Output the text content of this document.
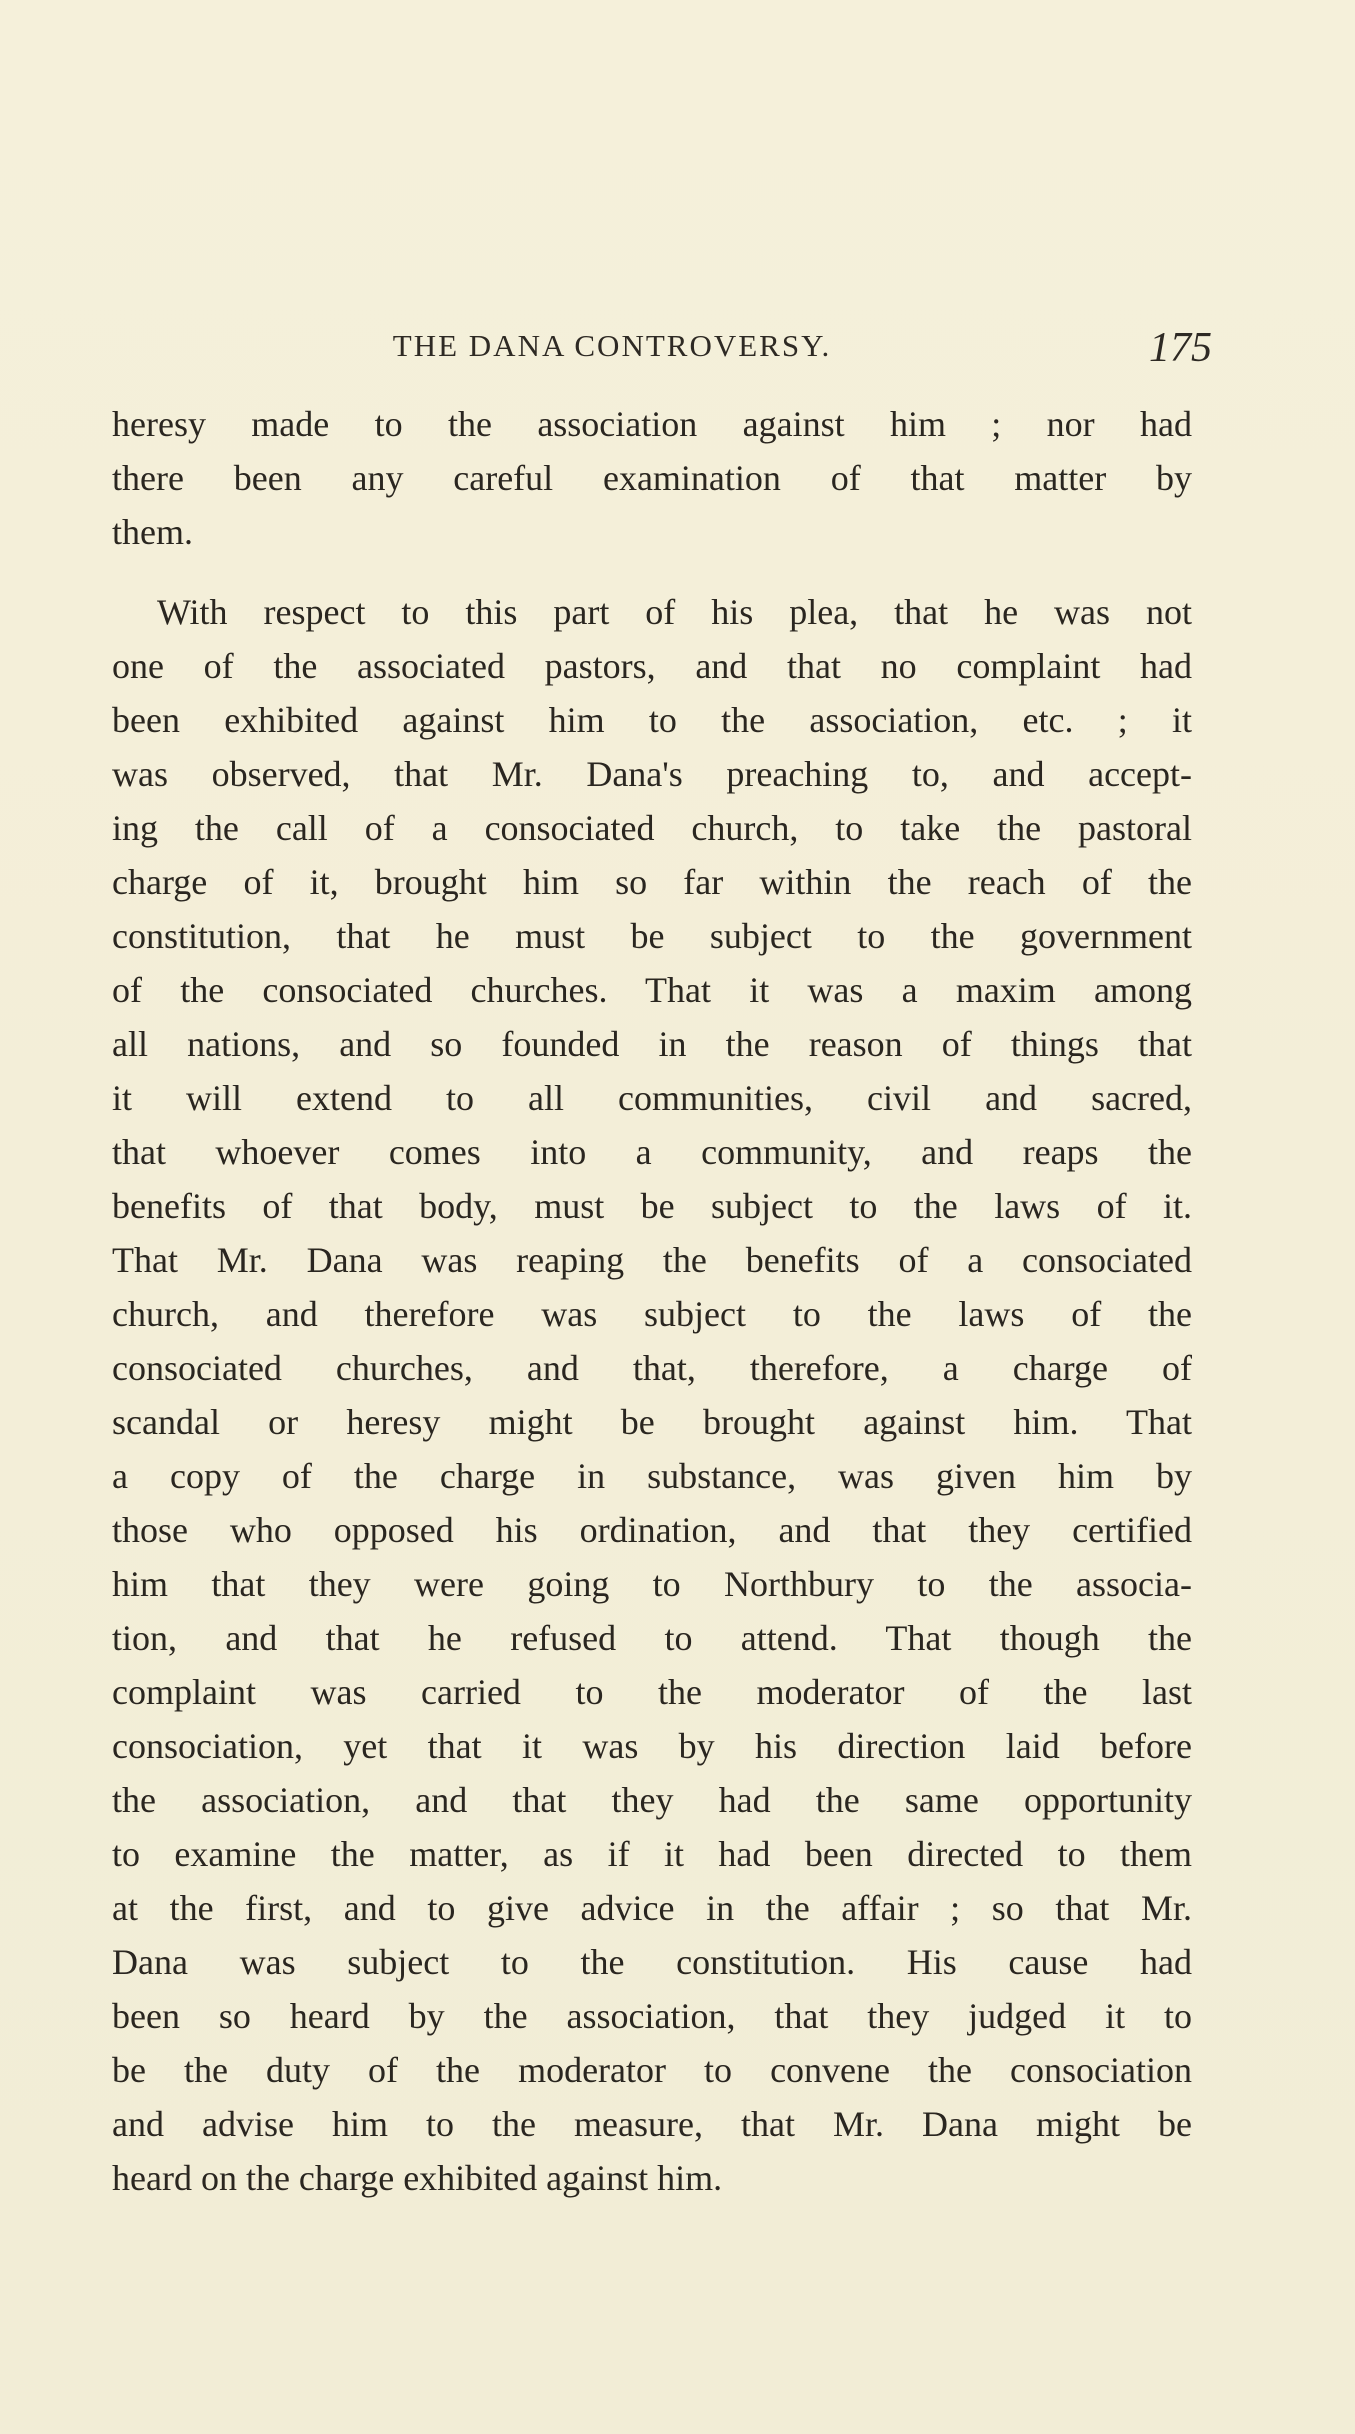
THE DANA CONTROVERSY.	175
heresy made to the association against him ; nor had
there been any careful examination of that matter by
them.
With respect to this part of his plea, that he was not
one of the associated pastors, and that no complaint had
been exhibited against him to the association, etc. ; it
was observed, that Mr. Dana's preaching to, and accept-
ing the call of a consociated church, to take the pastoral
charge of it, brought him so far within the reach of the
constitution, that he must be subject to the government
of the consociated churches. That it was a maxim among
all nations, and so founded in the reason of things that
it will extend to all communities, civil and sacred,
that whoever comes into a community, and reaps the
benefits of that body, must be subject to the laws of it.
That Mr. Dana was reaping the benefits of a consociated
church, and therefore was subject to the laws of the
consociated churches, and that, therefore, a charge of
scandal or heresy might be brought against him. That
a copy of the charge in substance, was given him by
those who opposed his ordination, and that they certified
him that they were going to Northbury to the associa-
tion, and that he refused to attend. That though the
complaint was carried to the moderator of the last
consociation, yet that it was by his direction laid before
the association, and that they had the same opportunity
to examine the matter, as if it had been directed to them
at the first, and to give advice in the affair ; so that Mr.
Dana was subject to the constitution. His cause had
been so heard by the association, that they judged it to
be the duty of the moderator to convene the consociation
and advise him to the measure, that Mr. Dana might be
heard on the charge exhibited against him.
